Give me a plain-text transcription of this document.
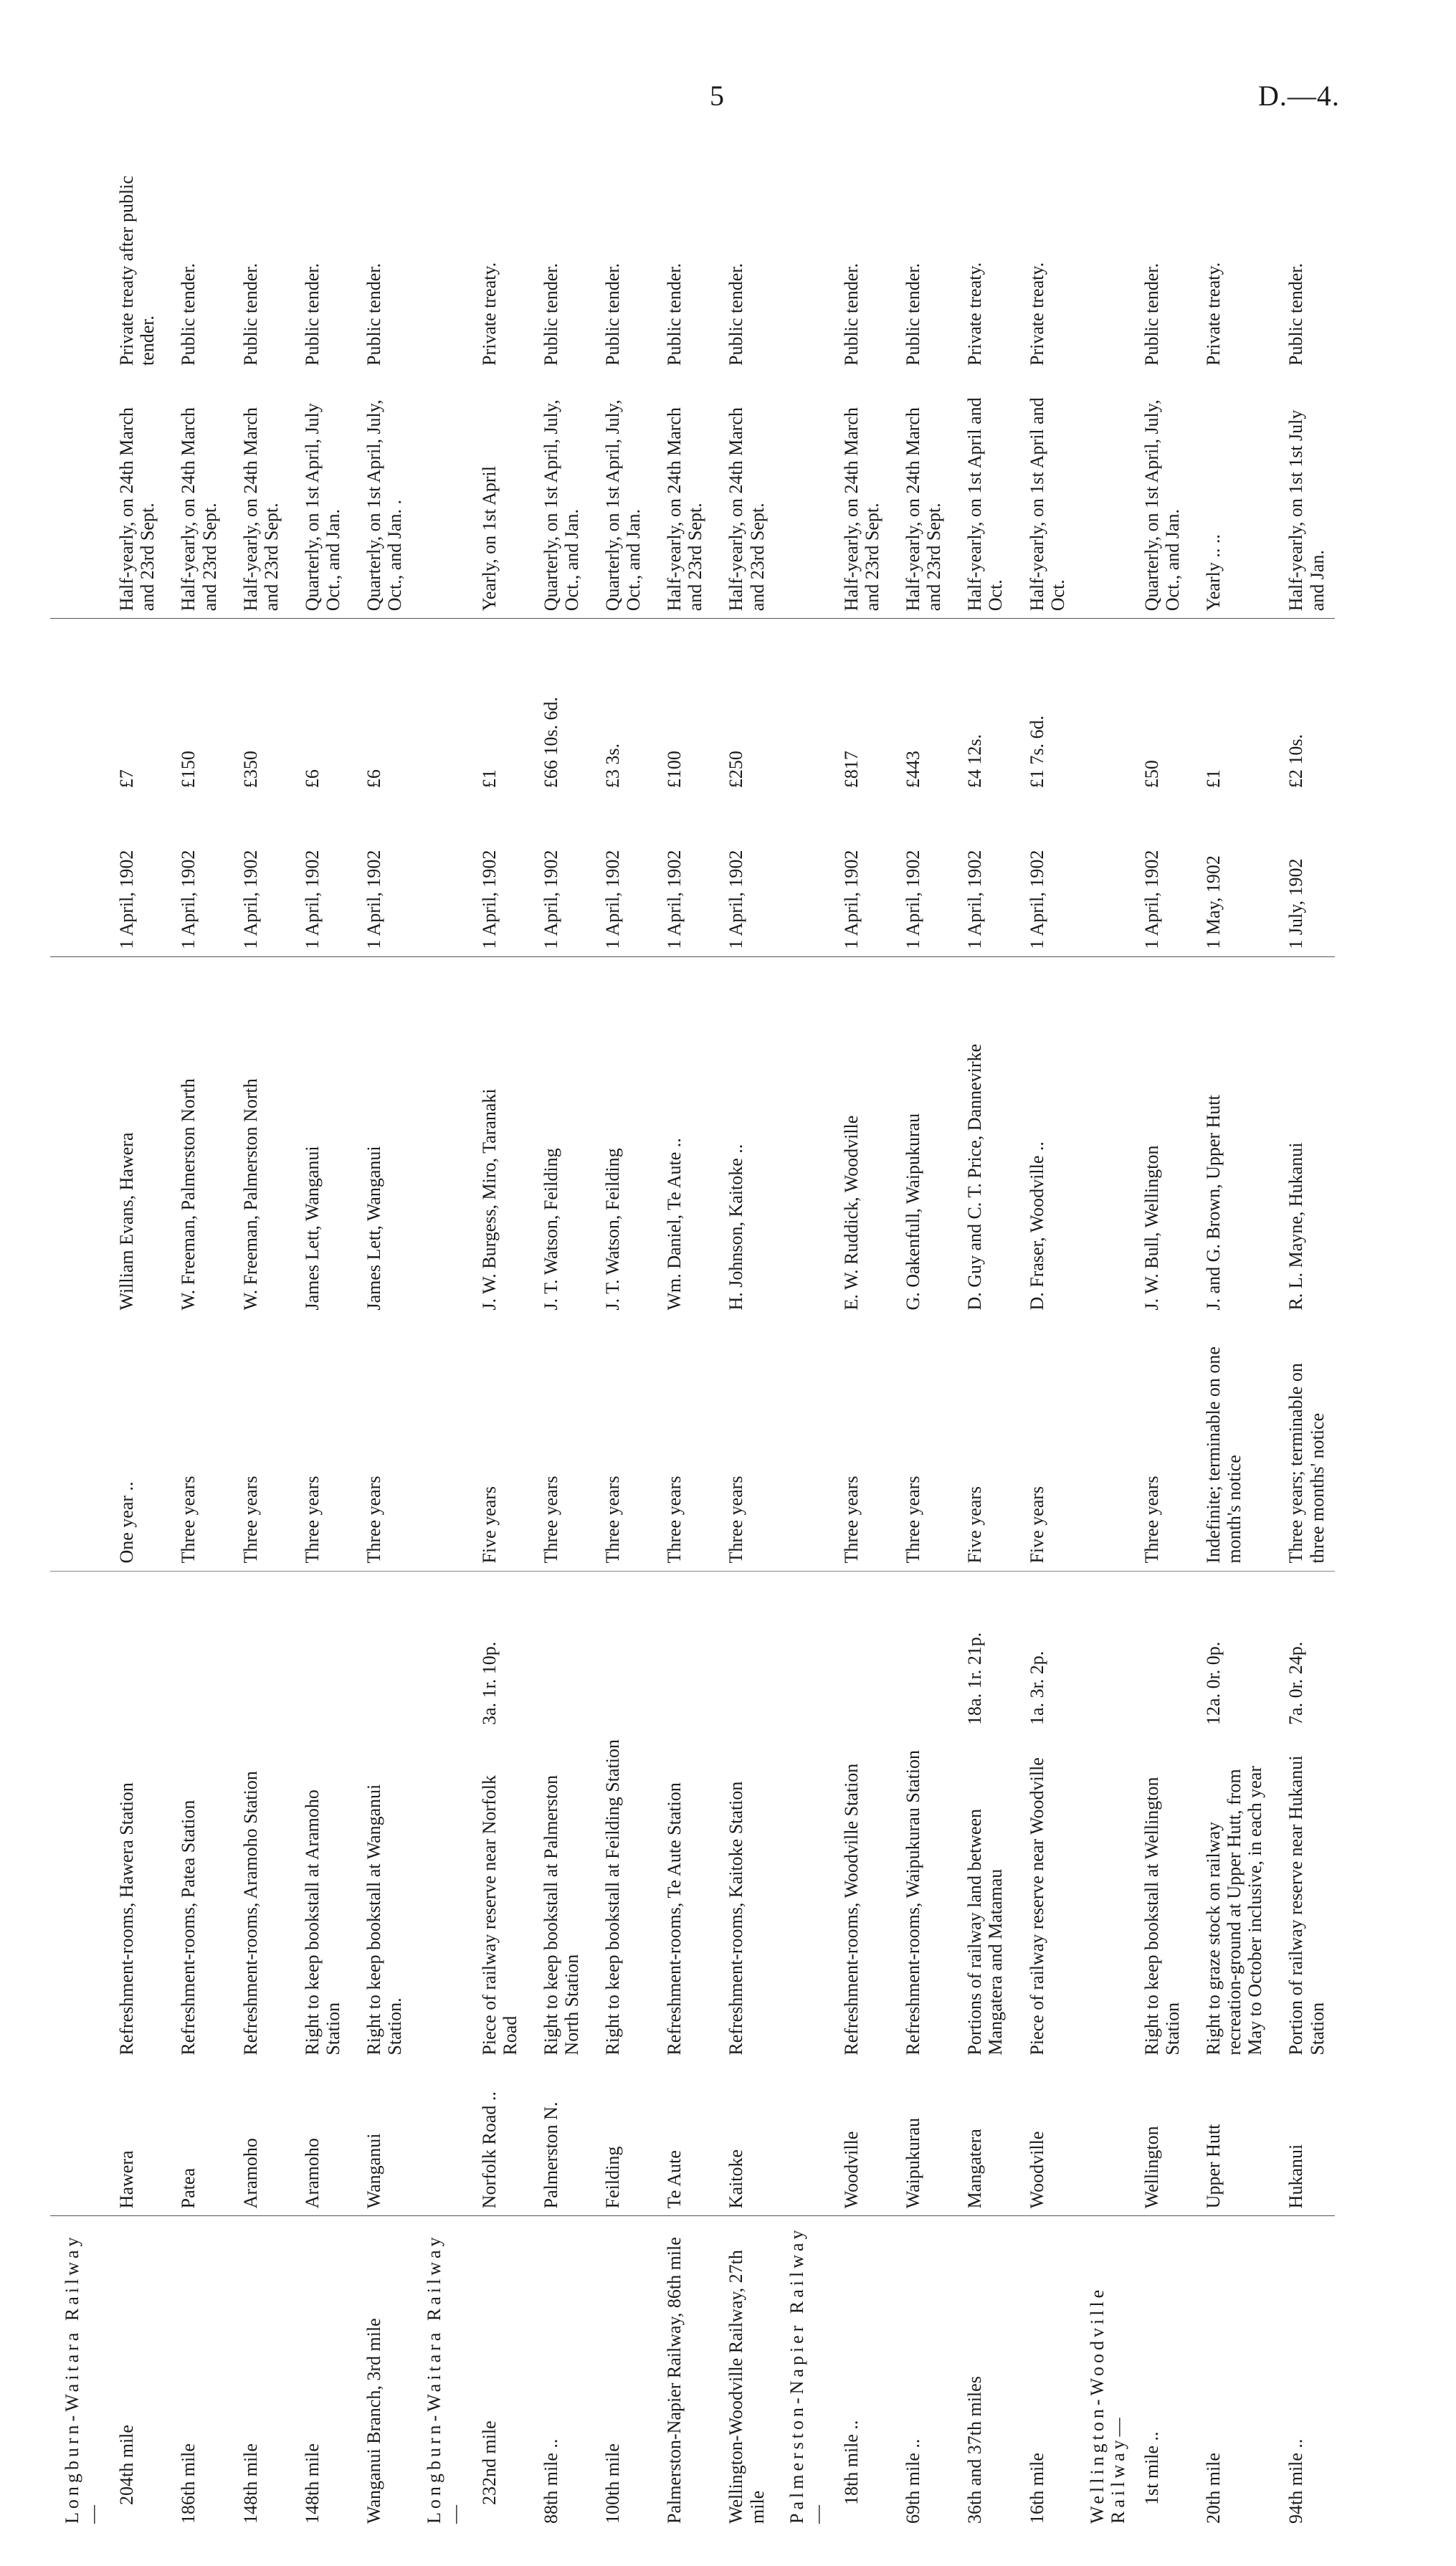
5	D.—4.
Longburn-Waitara Railway—									
204th mile	Hawera	Refreshment-rooms, Hawera Station		One year ..	William Evans, Hawera	1 April, 1902	£7	Half-yearly, on 24th March and 23rd Sept.	Private treaty after public tender.
186th mile	Patea	Refreshment-rooms, Patea Station		Three years	W. Freeman, Palmerston North	1 April, 1902	£150	Half-yearly, on 24th March and 23rd Sept.	Public tender.
148th mile	Aramoho	Refreshment-rooms, Aramoho Station		Three years	W. Freeman, Palmerston North	1 April, 1902	£350	Half-yearly, on 24th March and 23rd Sept.	Public tender.
148th mile	Aramoho	Right to keep bookstall at Aramoho Station		Three years	James Lett, Wanganui	1 April, 1902	£6	Quarterly, on 1st April, July Oct., and Jan.	Public tender.
Wanganui Branch, 3rd mile	Wanganui	Right to keep bookstall at Wanganui Station.		Three years	James Lett, Wanganui	1 April, 1902	£6	Quarterly, on 1st April, July, Oct., and Jan. .	Public tender.
Longburn-Waitara Railway—									
232nd mile	Norfolk Road ..	Piece of railway reserve near Norfolk Road	3a. 1r. 10p.	Five years	J. W. Burgess, Miro, Taranaki	1 April, 1902	£1	Yearly, on 1st April	Private treaty.
88th mile ..	Palmerston N.	Right to keep bookstall at Palmerston North Station		Three years	J. T. Watson, Feilding	1 April, 1902	£66 10s. 6d.	Quarterly, on 1st April, July, Oct., and Jan.	Public tender.
100th mile	Feilding	Right to keep bookstall at Feilding Station		Three years	J. T. Watson, Feilding	1 April, 1902	£3 3s.	Quarterly, on 1st April, July, Oct., and Jan.	Public tender.
Palmerston-Napier Railway, 86th mile	Te Aute	Refreshment-rooms, Te Aute Station		Three years	Wm. Daniel, Te Aute ..	1 April, 1902	£100	Half-yearly, on 24th March and 23rd Sept.	Public tender.
Wellington-Woodville Railway, 27th mile	Kaitoke	Refreshment-rooms, Kaitoke Station		Three years	H. Johnson, Kaitoke ..	1 April, 1902	£250	Half-yearly, on 24th March and 23rd Sept.	Public tender.
Palmerston-Napier Railway—									
18th mile ..	Woodville	Refreshment-rooms, Woodville Station		Three years	E. W. Ruddick, Woodville	1 April, 1902	£817	Half-yearly, on 24th March and 23rd Sept.	Public tender.
69th mile ..	Waipukurau	Refreshment-rooms, Waipukurau Station		Three years	G. Oakenfull, Waipukurau	1 April, 1902	£443	Half-yearly, on 24th March and 23rd Sept.	Public tender.
36th and 37th miles	Mangatera	Portions of railway land between Mangatera and Matamau	18a. 1r. 21p.	Five years	D. Guy and C. T. Price, Dannevirke	1 April, 1902	£4 12s.	Half-yearly, on 1st April and Oct.	Private treaty.
16th mile	Woodville	Piece of railway reserve near Woodville	1a. 3r. 2p.	Five years	D. Fraser, Woodville ..	1 April, 1902	£1 7s. 6d.	Half-yearly, on 1st April and Oct.	Private treaty.
Wellington-Woodville Railway—									
1st mile ..	Wellington	Right to keep bookstall at Wellington Station		Three years	J. W. Bull, Wellington	1 April, 1902	£50	Quarterly, on 1st April, July, Oct., and Jan.	Public tender.
20th mile	Upper Hutt	Right to graze stock on railway recreation-ground at Upper Hutt, from May to October inclusive, in each year	12a. 0r. 0p.	Indefinite; terminable on one month's notice	J. and G. Brown, Upper Hutt	1 May, 1902	£1	Yearly .. ..	Private treaty.
94th mile ..	Hukanui	Portion of railway reserve near Hukanui Station	7a. 0r. 24p.	Three years; terminable on three months' notice	R. L. Mayne, Hukanui	1 July, 1902	£2 10s.	Half-yearly, on 1st 1st July and Jan.	Public tender.
